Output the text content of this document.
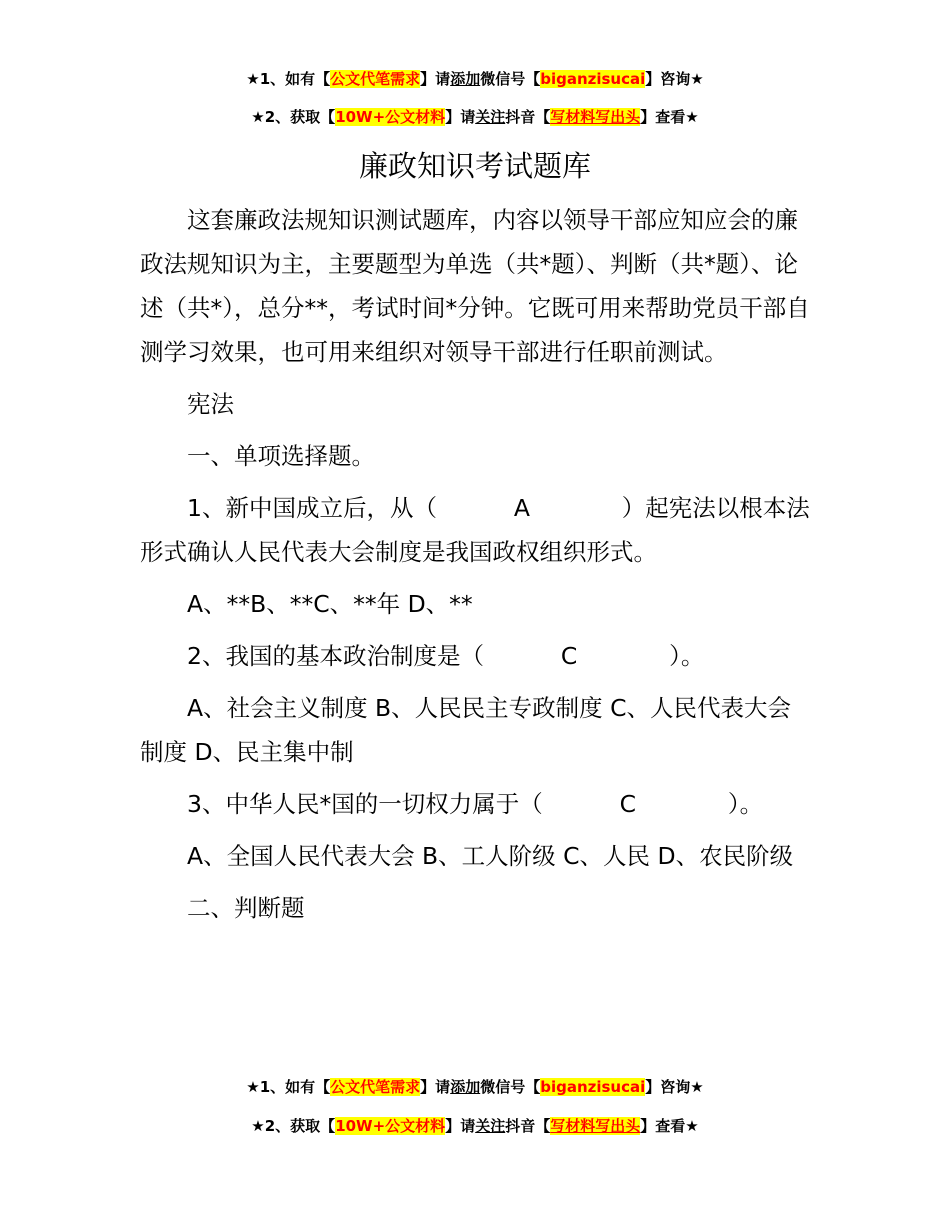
★1、如有【公文代笔需求】请添加微信号【biganzisucai】咨询★
★2、获取【10W+公文材料】请关注抖音【写材料写出头】查看★
廉政知识考试题库

这套廉政法规知识测试题库，内容以领导干部应知应会的廉政法规知识为主，主要题型为单选（共*题）、判断（共*题）、论述（共*），总分**，考试时间*分钟。它既可用来帮助党员干部自测学习效果，也可用来组织对领导干部进行任职前测试。

宪法

一、单项选择题。

1、新中国成立后，从（	A	）起宪法以根本法形式确认人民代表大会制度是我国政权组织形式。

A、**B、**C、**年 D、**

2、我国的基本政治制度是（	C	）。

A、社会主义制度 B、人民民主专政制度 C、人民代表大会制度 D、民主集中制

3、中华人民*国的一切权力属于（	C	）。

A、全国人民代表大会 B、工人阶级 C、人民 D、农民阶级

二、判断题

★1、如有【公文代笔需求】请添加微信号【biganzisucai】咨询★
★2、获取【10W+公文材料】请关注抖音【写材料写出头】查看★
